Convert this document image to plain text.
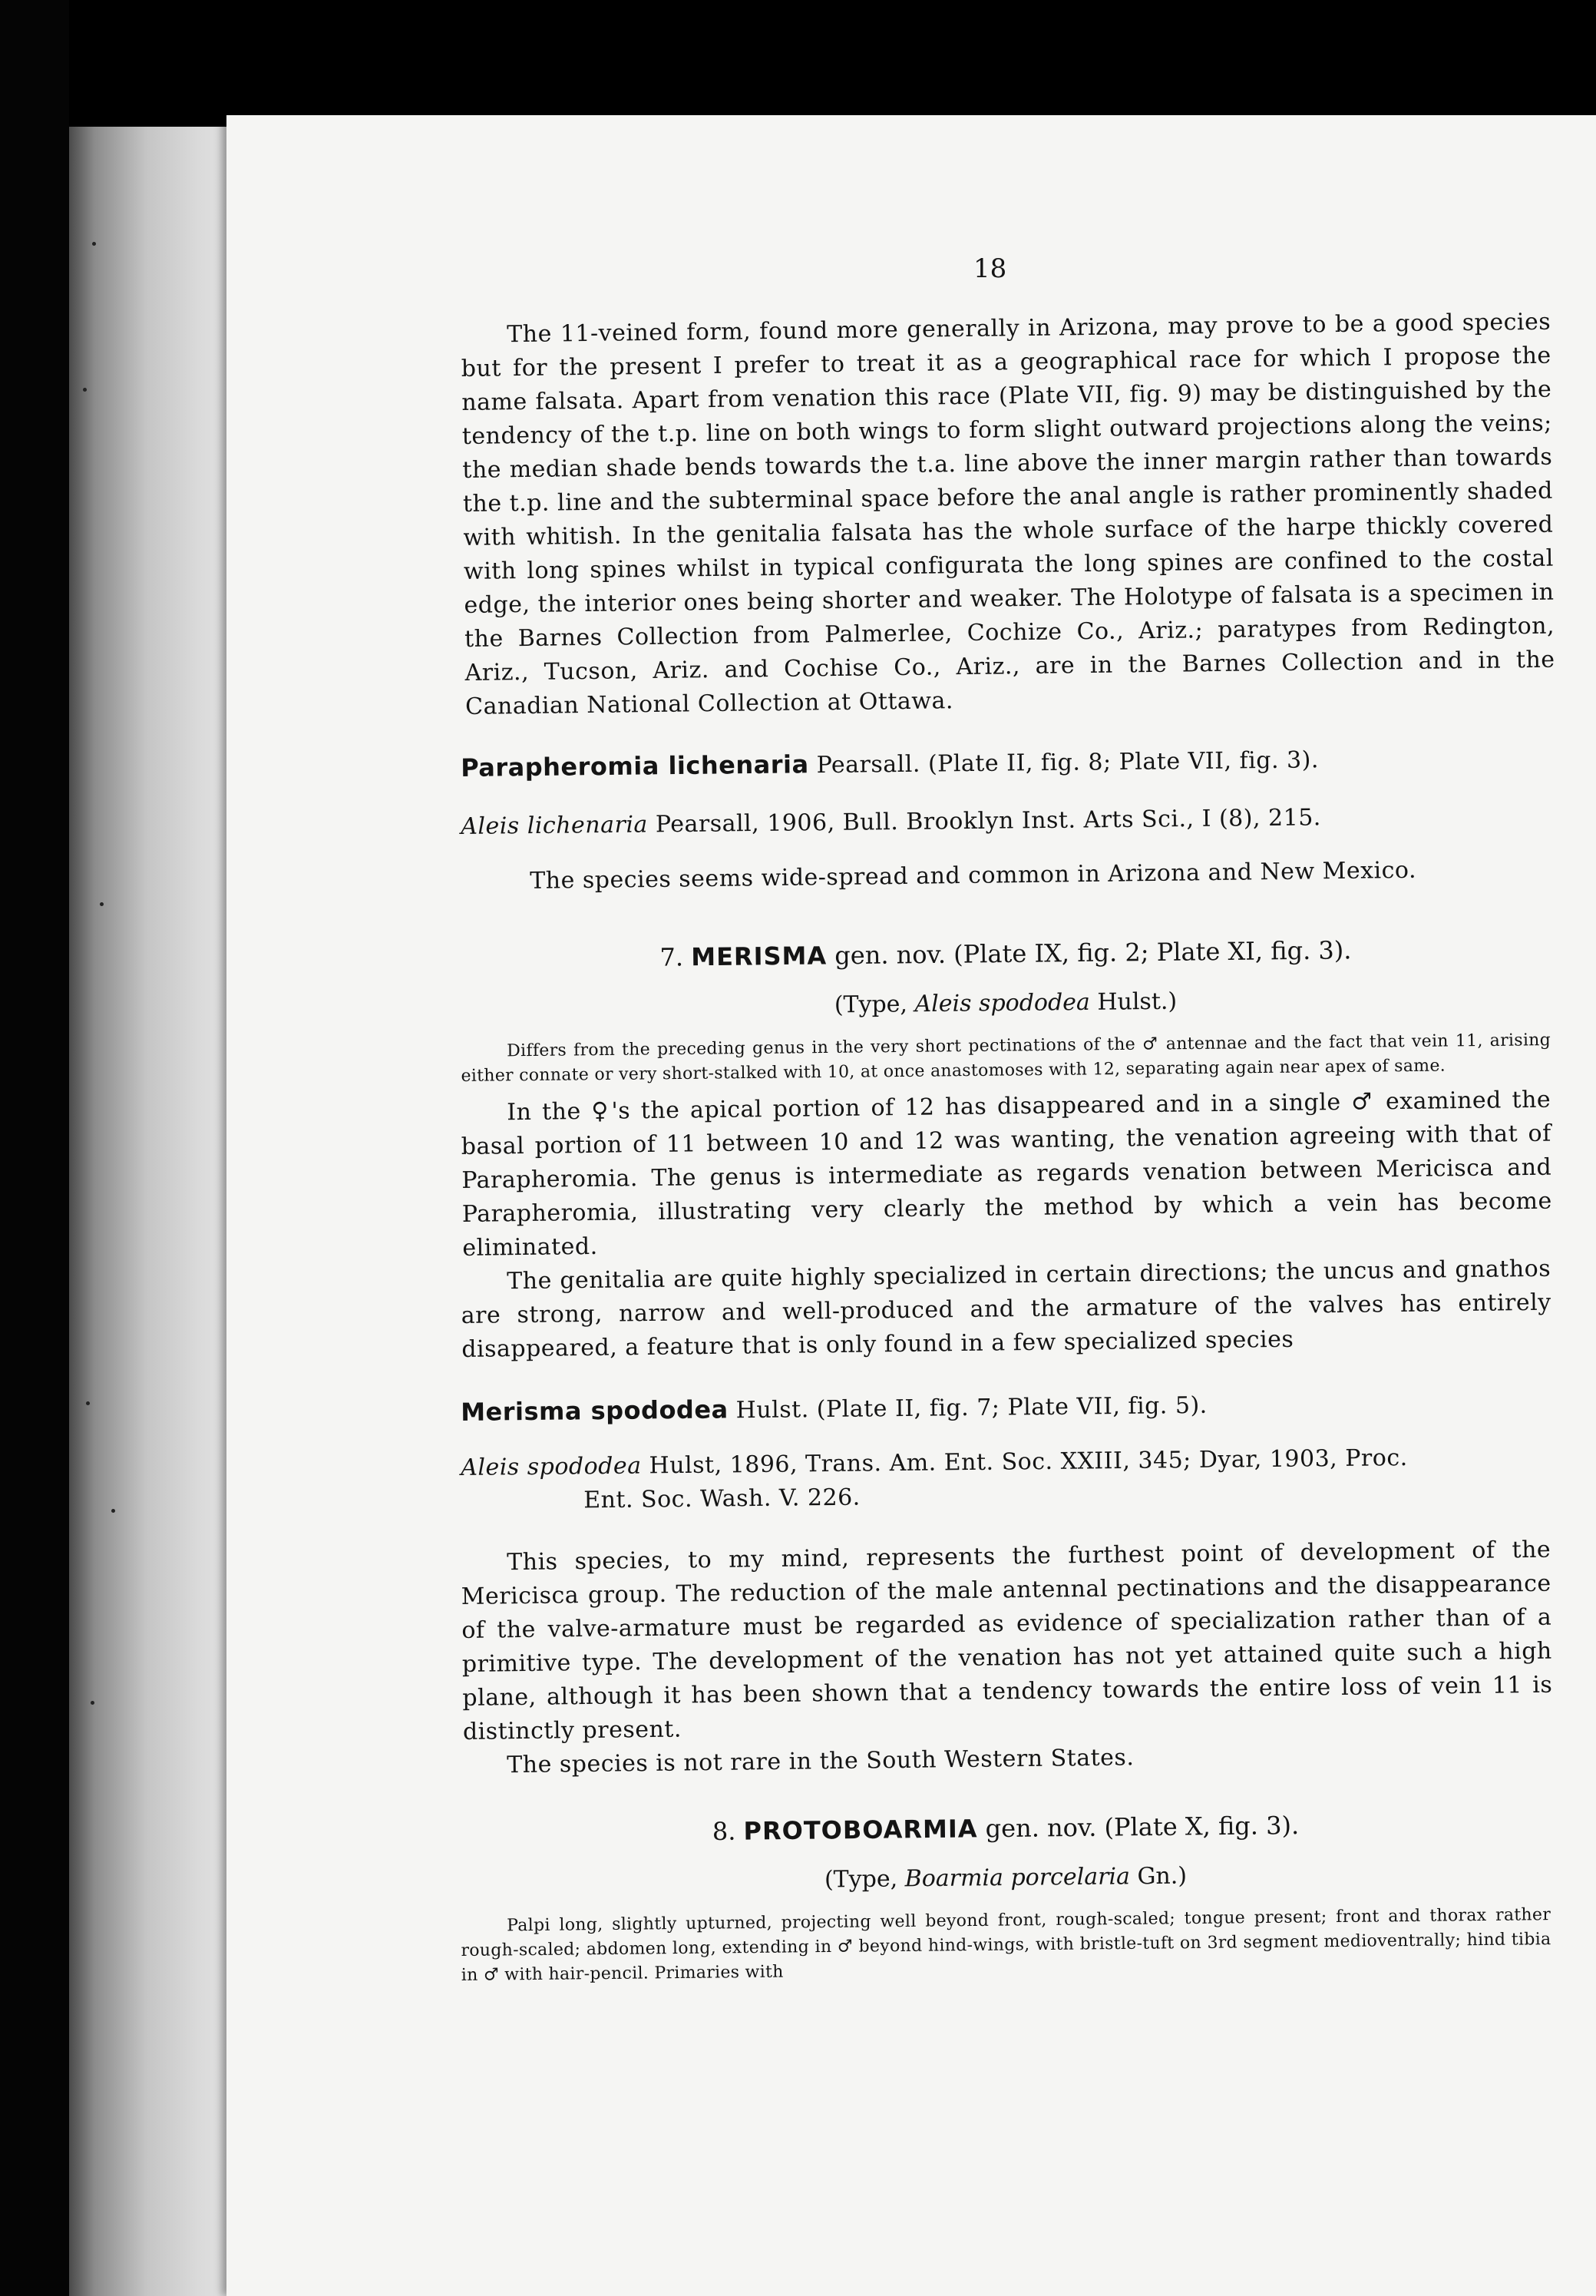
18

The 11-veined form, found more generally in Arizona, may prove to be a good species but for the present I prefer to treat it as a geographical race for which I propose the name falsata. Apart from venation this race (Plate VII, fig. 9) may be distinguished by the tendency of the t.p. line on both wings to form slight outward projections along the veins; the median shade bends towards the t.a. line above the inner margin rather than towards the t.p. line and the subterminal space before the anal angle is rather prominently shaded with whitish. In the genitalia falsata has the whole surface of the harpe thickly covered with long spines whilst in typical configurata the long spines are confined to the costal edge, the interior ones being shorter and weaker. The Holotype of falsata is a specimen in the Barnes Collection from Palmerlee, Cochize Co., Ariz.; paratypes from Redington, Ariz., Tucson, Ariz. and Cochise Co., Ariz., are in the Barnes Collection and in the Canadian National Collection at Ottawa.

Parapheromia lichenaria Pearsall. (Plate II, fig. 8; Plate VII, fig. 3).

Aleis lichenaria Pearsall, 1906, Bull. Brooklyn Inst. Arts Sci., I (8), 215.

The species seems wide-spread and common in Arizona and New Mexico.

7. MERISMA gen. nov. (Plate IX, fig. 2; Plate XI, fig. 3).

(Type, Aleis spododea Hulst.)

Differs from the preceding genus in the very short pectinations of the ♂ antennae and the fact that vein 11, arising either connate or very short-stalked with 10, at once anastomoses with 12, separating again near apex of same.

In the ♀'s the apical portion of 12 has disappeared and in a single ♂ examined the basal portion of 11 between 10 and 12 was wanting, the venation agreeing with that of Parapheromia. The genus is intermediate as regards venation between Mericisca and Parapheromia, illustrating very clearly the method by which a vein has become eliminated.

The genitalia are quite highly specialized in certain directions; the uncus and gnathos are strong, narrow and well-produced and the armature of the valves has entirely disappeared, a feature that is only found in a few specialized species

Merisma spododea Hulst. (Plate II, fig. 7; Plate VII, fig. 5).

Aleis spododea Hulst, 1896, Trans. Am. Ent. Soc. XXIII, 345; Dyar, 1903, Proc.

Ent. Soc. Wash. V. 226.

This species, to my mind, represents the furthest point of development of the Mericisca group. The reduction of the male antennal pectinations and the disappearance of the valve-armature must be regarded as evidence of specialization rather than of a primitive type. The development of the venation has not yet attained quite such a high plane, although it has been shown that a tendency towards the entire loss of vein 11 is distinctly present.

The species is not rare in the South Western States.

8. PROTOBOARMIA gen. nov. (Plate X, fig. 3).

(Type, Boarmia porcelaria Gn.)

Palpi long, slightly upturned, projecting well beyond front, rough-scaled; tongue present; front and thorax rather rough-scaled; abdomen long, extending in ♂ beyond hind-wings, with bristle-tuft on 3rd segment medioventrally; hind tibia in ♂ with hair-pencil. Primaries with
